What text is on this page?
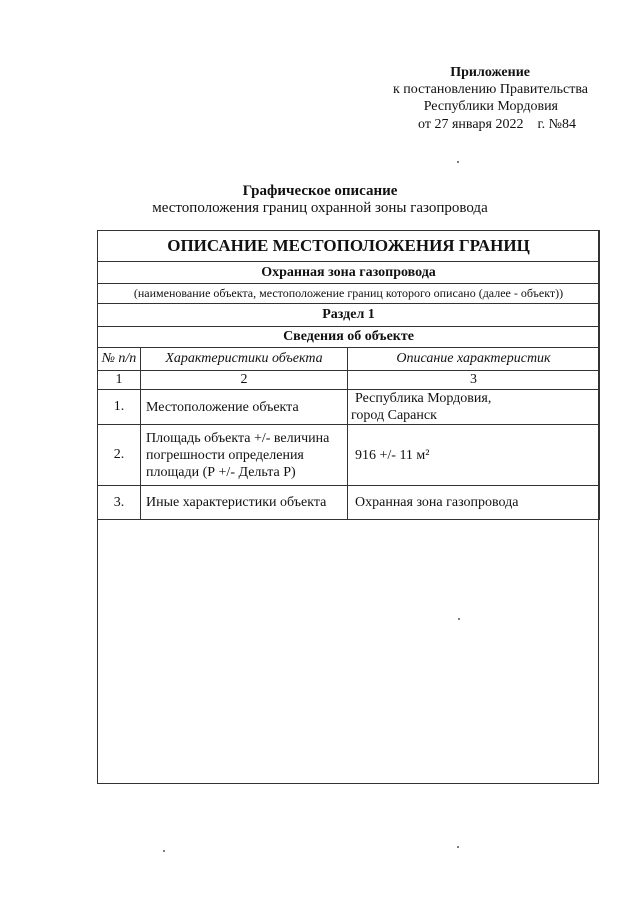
Приложение
к постановлению Правительства
Республики Мордовия
от 27 января 2022    г. №84
Графическое описание
местоположения границ охранной зоны газопровода
ОПИСАНИЕ МЕСТОПОЛОЖЕНИЯ ГРАНИЦ		
Охранная зона газопровода		
(наименование объекта, местоположение границ которого описано (далее - объект))		
Раздел 1		
Сведения об объекте		
№ п/п	Характеристики объекта	Описание характеристик
1	2	3
1.	Местоположение объекта	Республика Мордовия,
город Саранск

2.	Площадь объекта +/- величина
погрешности определения
площади (Р +/- Дельта Р)	916 +/- 11 м²
3.	Иные характеристики объекта	Охранная зона газопровода
